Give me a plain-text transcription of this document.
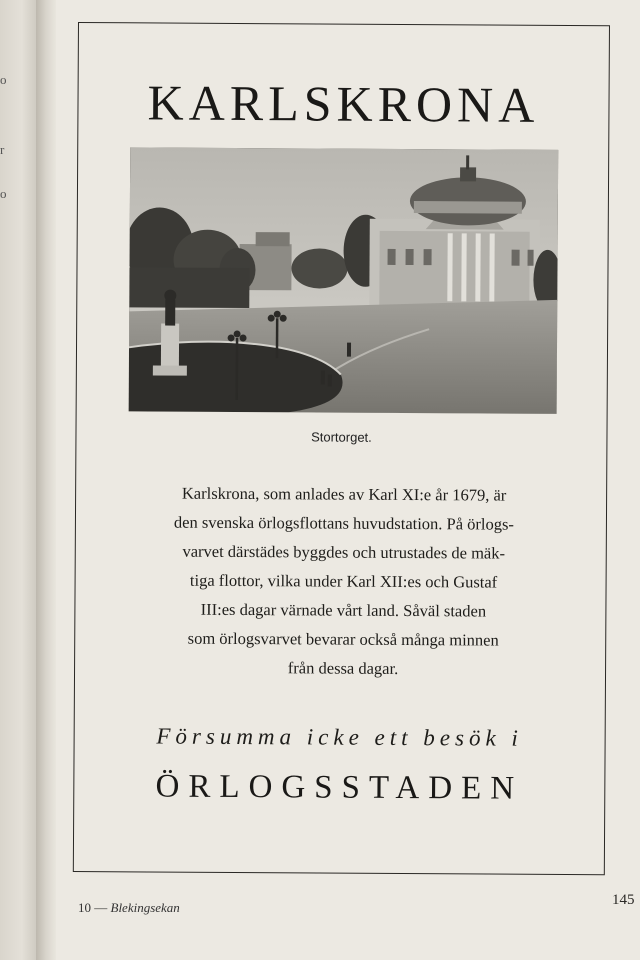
o
r
o
KARLSKRONA
Stortorget.
Karlskrona, som anlades av Karl XI:e år 1679, är
den svenska örlogsflottans huvudstation. På örlogs-
varvet därstädes byggdes och utrustades de mäk-
tiga flottor, vilka under Karl XII:es och Gustaf
III:es dagar värnade vårt land. Såväl staden
som örlogsvarvet bevarar också många minnen
från dessa dagar.
Försumma icke ett besök i
ÖRLOGSSTADEN
10 — Blekingsekan	145
